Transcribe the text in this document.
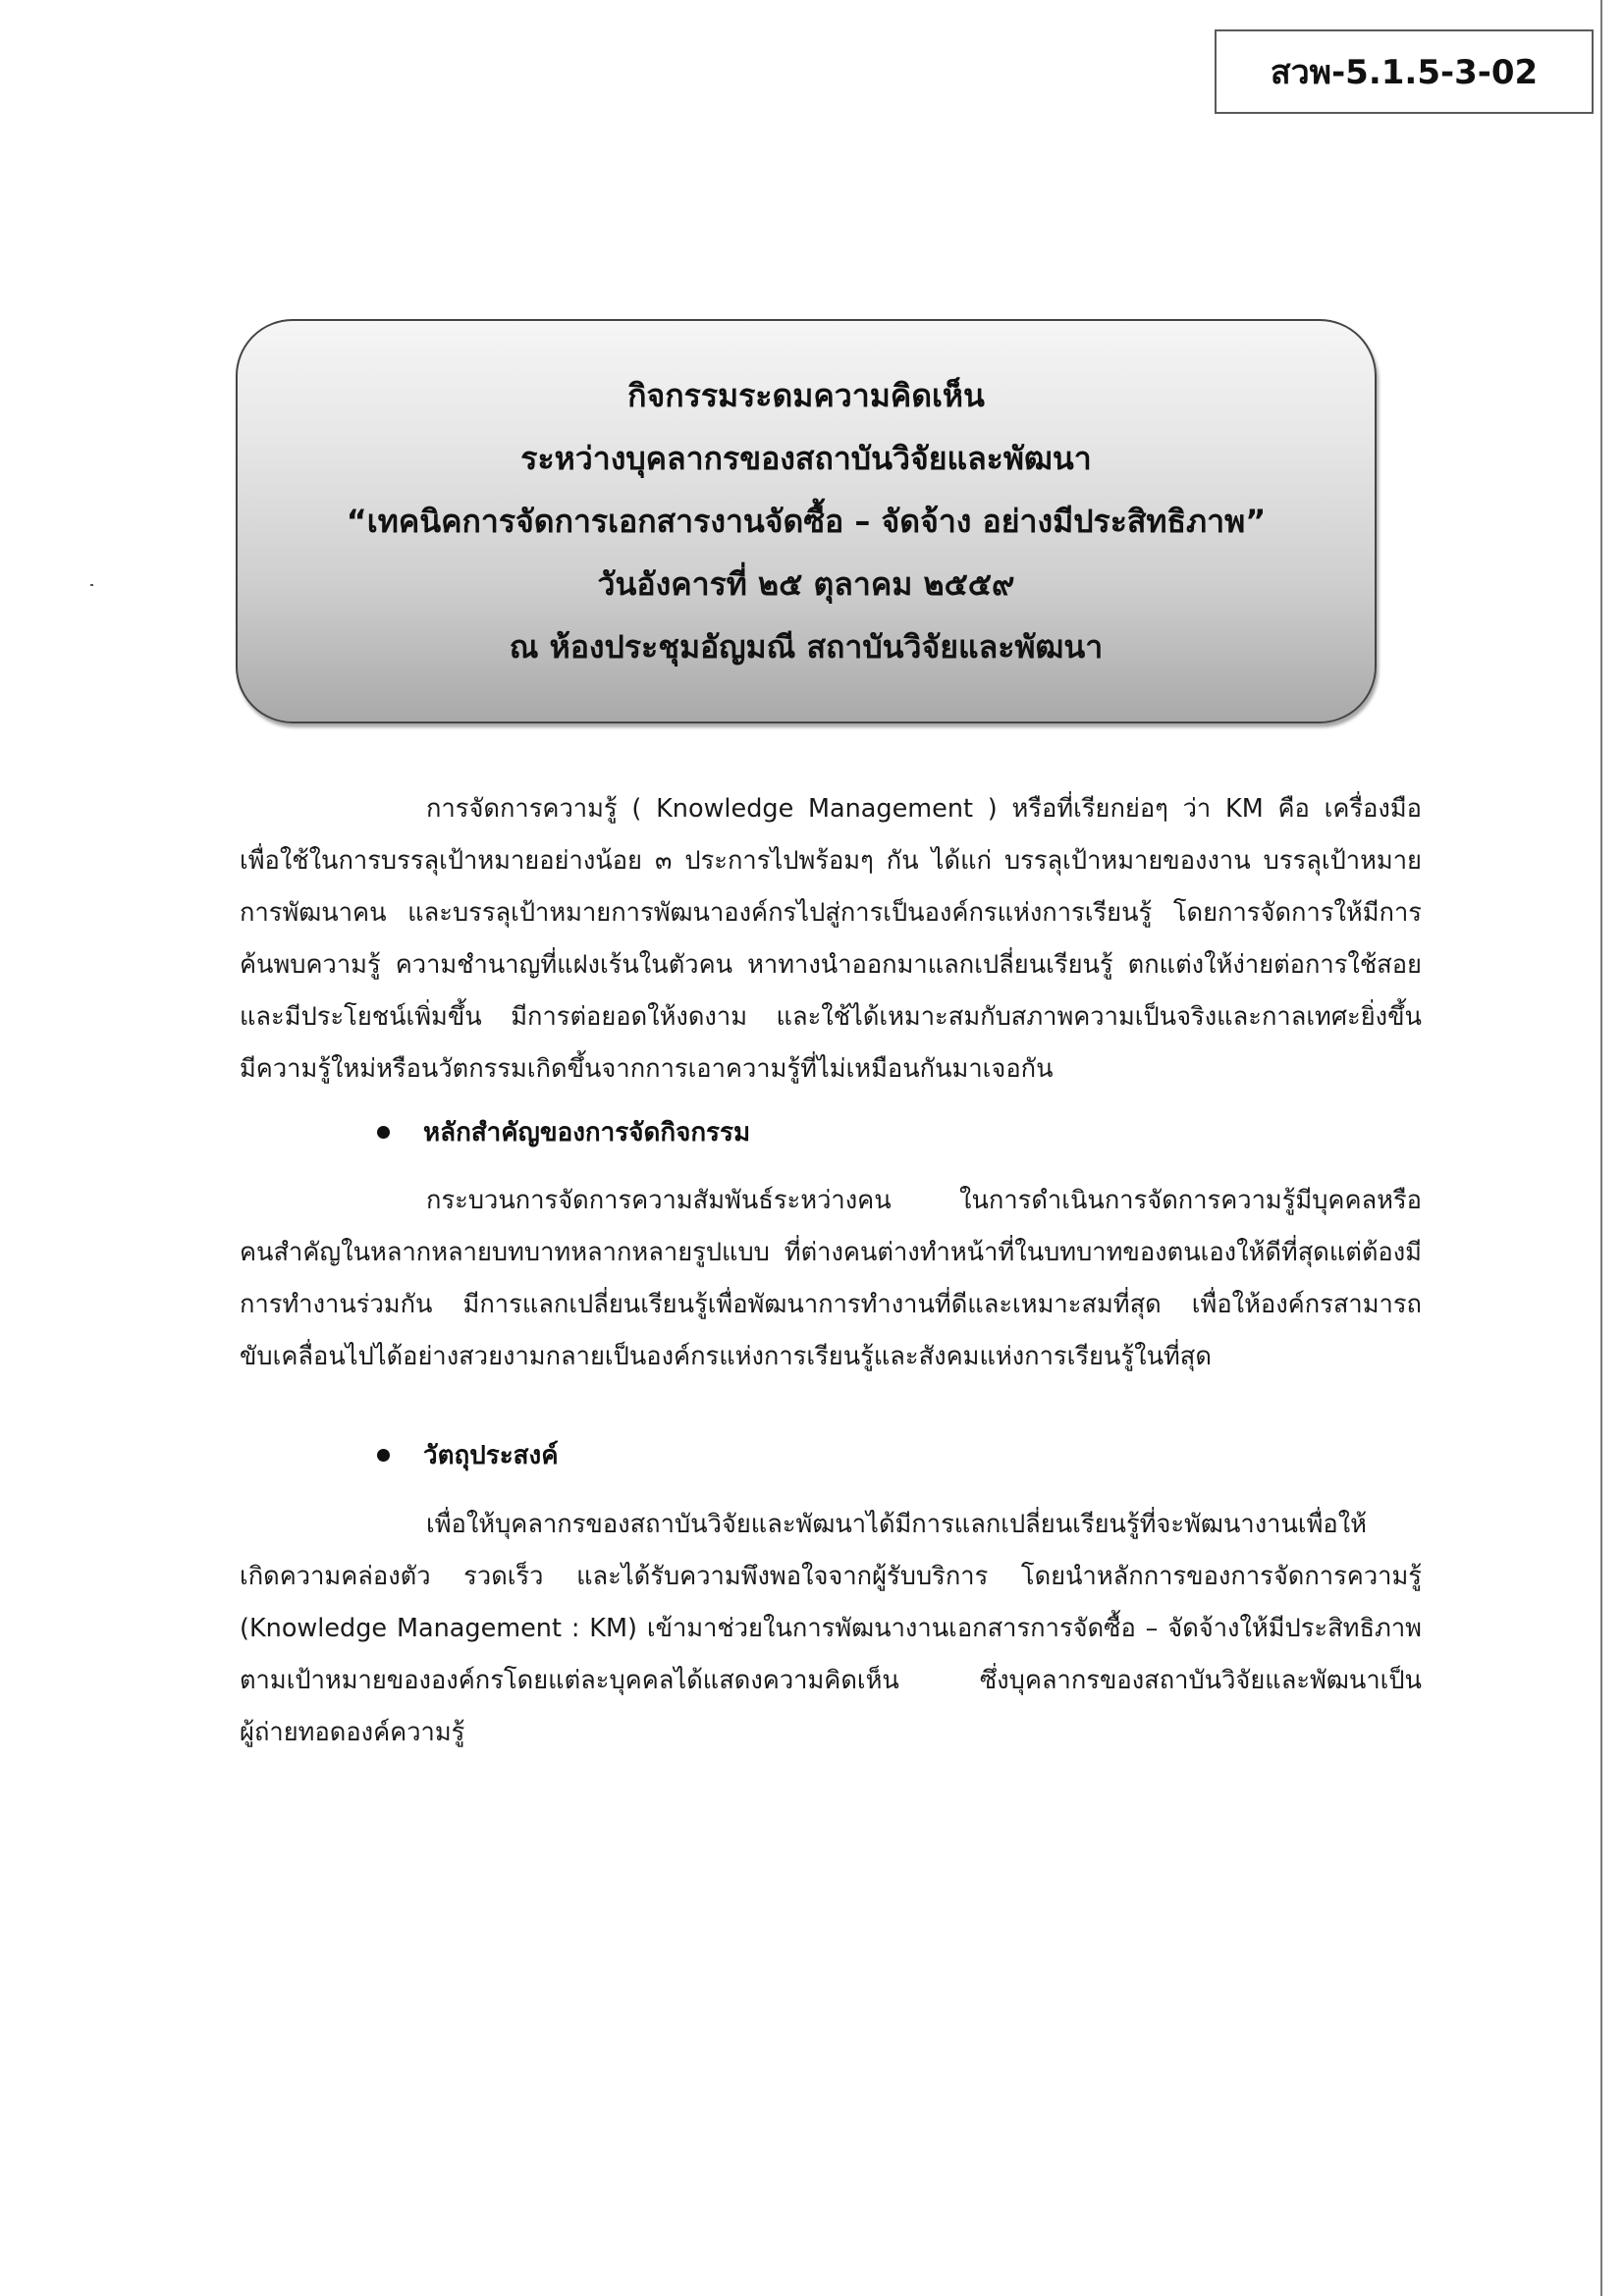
สวพ-5.1.5-3-02
กิจกรรมระดมความคิดเห็น
ระหว่างบุคลากรของสถาบันวิจัยและพัฒนา
“เทคนิคการจัดการเอกสารงานจัดซื้อ – จัดจ้าง อย่างมีประสิทธิภาพ”
วันอังคารที่ ๒๕ ตุลาคม ๒๕๕๙
ณ ห้องประชุมอัญมณี สถาบันวิจัยและพัฒนา

การจัดการความรู้ ( Knowledge Management ) หรือที่เรียกย่อๆ ว่า KM คือ เครื่องมือ
เพื่อใช้ในการบรรลุเป้าหมายอย่างน้อย ๓ ประการไปพร้อมๆ กัน ได้แก่ บรรลุเป้าหมายของงาน บรรลุเป้าหมาย
การพัฒนาคน และบรรลุเป้าหมายการพัฒนาองค์กรไปสู่การเป็นองค์กรแห่งการเรียนรู้ โดยการจัดการให้มีการ
ค้นพบความรู้ ความชำนาญที่แฝงเร้นในตัวคน หาทางนำออกมาแลกเปลี่ยนเรียนรู้ ตกแต่งให้ง่ายต่อการใช้สอย
และมีประโยชน์เพิ่มขึ้น มีการต่อยอดให้งดงาม และใช้ได้เหมาะสมกับสภาพความเป็นจริงและกาลเทศะยิ่งขึ้น
มีความรู้ใหม่หรือนวัตกรรมเกิดขึ้นจากการเอาความรู้ที่ไม่เหมือนกันมาเจอกัน

หลักสำคัญของการจัดกิจกรรม

กระบวนการจัดการความสัมพันธ์ระหว่างคน ในการดำเนินการจัดการความรู้มีบุคคลหรือ
คนสำคัญในหลากหลายบทบาทหลากหลายรูปแบบ ที่ต่างคนต่างทำหน้าที่ในบทบาทของตนเองให้ดีที่สุดแต่ต้องมี
การทำงานร่วมกัน มีการแลกเปลี่ยนเรียนรู้เพื่อพัฒนาการทำงานที่ดีและเหมาะสมที่สุด เพื่อให้องค์กรสามารถ
ขับเคลื่อนไปได้อย่างสวยงามกลายเป็นองค์กรแห่งการเรียนรู้และสังคมแห่งการเรียนรู้ในที่สุด

วัตถุประสงค์

เพื่อให้บุคลากรของสถาบันวิจัยและพัฒนาได้มีการแลกเปลี่ยนเรียนรู้ที่จะพัฒนางานเพื่อให้
เกิดความคล่องตัว รวดเร็ว และได้รับความพึงพอใจจากผู้รับบริการ โดยนำหลักการของการจัดการความรู้
(Knowledge Management : KM) เข้ามาช่วยในการพัฒนางานเอกสารการจัดซื้อ – จัดจ้างให้มีประสิทธิภาพ
ตามเป้าหมายขององค์กรโดยแต่ละบุคคลได้แสดงความคิดเห็น ซึ่งบุคลากรของสถาบันวิจัยและพัฒนาเป็น
ผู้ถ่ายทอดองค์ความรู้
